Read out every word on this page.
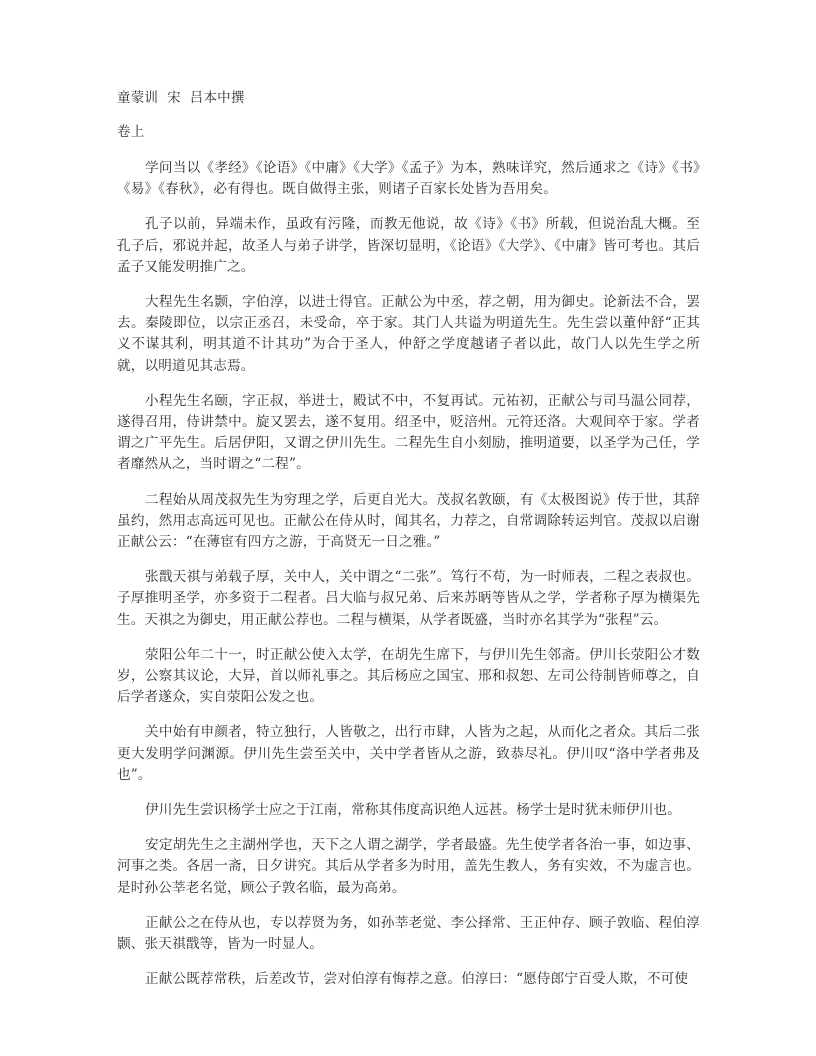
童蒙训  宋  吕本中撰
卷上

学问当以《孝经》《论语》《中庸》《大学》《孟子》为本，熟味详究，然后通求之《诗》《书》《易》《春秋》，必有得也。既自做得主张，则诸子百家长处皆为吾用矣。

孔子以前，异端未作，虽政有污隆，而教无他说，故《诗》《书》所载，但说治乱大概。至孔子后，邪说并起，故圣人与弟子讲学，皆深切显明，《论语》《大学》、《中庸》皆可考也。其后孟子又能发明推广之。

大程先生名颢，字伯淳，以进士得官。正献公为中丞，荐之朝，用为御史。论新法不合，罢去。秦陵即位，以宗正丞召，未受命，卒于家。其门人共谥为明道先生。先生尝以董仲舒“正其义不谋其利，明其道不计其功”为合于圣人，仲舒之学度越诸子者以此，故门人以先生学之所就，以明道见其志焉。

小程先生名颐，字正叔，举进士，殿试不中，不复再试。元祐初，正献公与司马温公同荐，遂得召用，侍讲禁中。旋又罢去，遂不复用。绍圣中，贬涪州。元符还洛。大观间卒于家。学者谓之广平先生。后居伊阳，又谓之伊川先生。二程先生自小刻励，推明道要，以圣学为己任，学者靡然从之，当时谓之“二程”。

二程始从周茂叔先生为穷理之学，后更自光大。茂叔名敦颐，有《太极图说》传于世，其辞虽约，然用志高远可见也。正献公在侍从时，闻其名，力荐之，自常调除转运判官。茂叔以启谢正献公云：“在薄宦有四方之游，于高贤无一日之雅。”

张戬天祺与弟载子厚，关中人，关中谓之“二张”。笃行不苟，为一时师表，二程之表叔也。子厚推明圣学，亦多资于二程者。吕大临与叔兄弟、后来苏昞等皆从之学，学者称子厚为横渠先生。天祺之为御史，用正献公荐也。二程与横渠，从学者既盛，当时亦名其学为“张程”云。

荥阳公年二十一，时正献公使入太学，在胡先生席下，与伊川先生邻斋。伊川长荥阳公才数岁，公察其议论，大异，首以师礼事之。其后杨应之国宝、邢和叔恕、左司公待制皆师尊之，自后学者遂众，实自荥阳公发之也。

关中始有申颜者，特立独行，人皆敬之，出行市肆，人皆为之起，从而化之者众。其后二张更大发明学问渊源。伊川先生尝至关中，关中学者皆从之游，致恭尽礼。伊川叹“洛中学者弗及也”。

伊川先生尝识杨学士应之于江南，常称其伟度高识绝人远甚。杨学士是时犹未师伊川也。

安定胡先生之主湖州学也，天下之人谓之湖学，学者最盛。先生使学者各治一事，如边事、河事之类。各居一斋，日夕讲究。其后从学者多为时用，盖先生教人，务有实效，不为虚言也。是时孙公莘老名觉，顾公子敦名临，最为高弟。

正献公之在侍从也，专以荐贤为务，如孙莘老觉、李公择常、王正仲存、顾子敦临、程伯淳颢、张天祺戬等，皆为一时显人。

正献公既荐常秩，后差改节，尝对伯淳有悔荐之意。伯淳曰：“愿侍郎宁百受人欺，不可使
